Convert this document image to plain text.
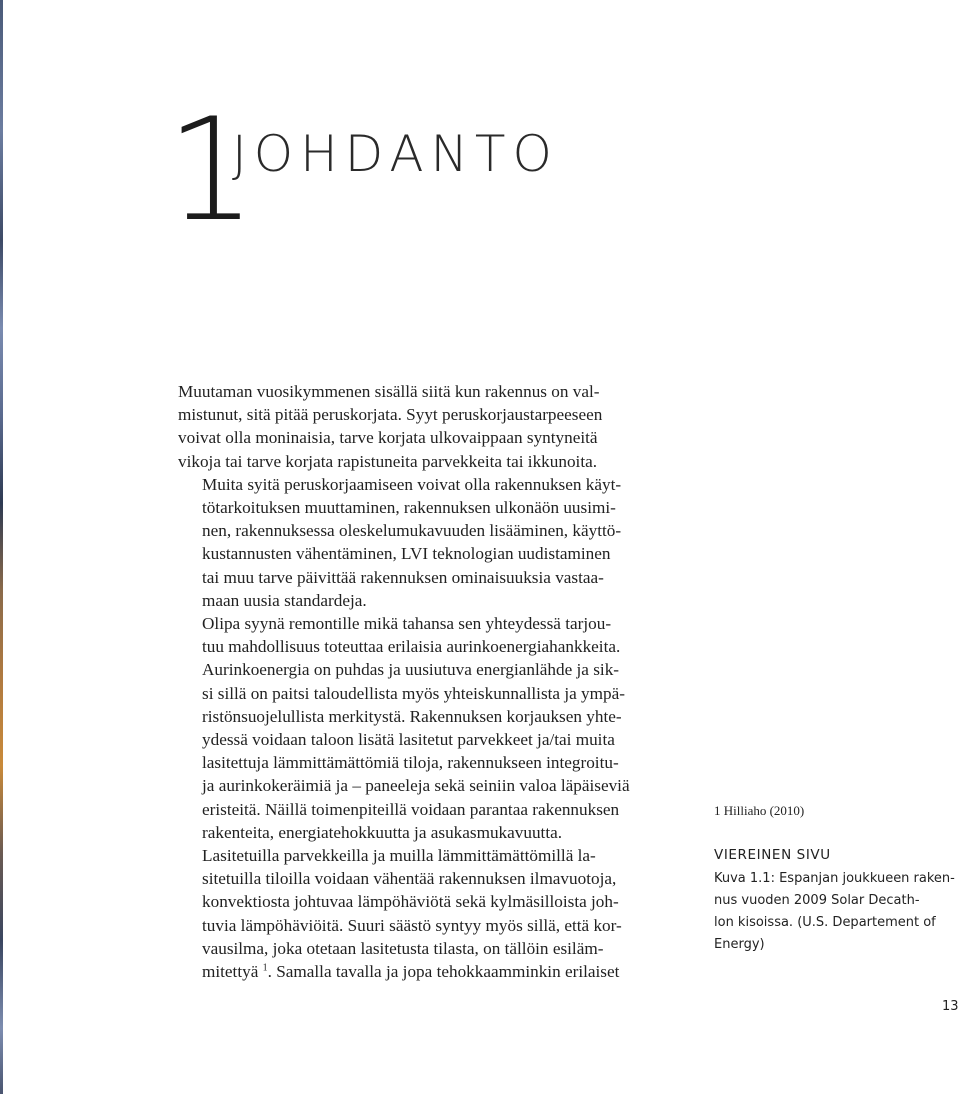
1
JOHDANTO

Muutaman vuosikymmenen sisällä siitä kun rakennus on val-
mistunut, sitä pitää peruskorjata. Syyt peruskorjaustarpeeseen
voivat olla moninaisia, tarve korjata ulkovaippaan syntyneitä
vikoja tai tarve korjata rapistuneita parvekkeita tai ikkunoita.

Muita syitä peruskorjaamiseen voivat olla rakennuksen käyt-
tötarkoituksen muuttaminen, rakennuksen ulkonäön uusimi-
nen, rakennuksessa oleskelumukavuuden lisääminen, käyttö-
kustannusten vähentäminen, LVI teknologian uudistaminen
tai muu tarve päivittää rakennuksen ominaisuuksia vastaa-
maan uusia standardeja.

Olipa syynä remontille mikä tahansa sen yhteydessä tarjou-
tuu mahdollisuus toteuttaa erilaisia aurinkoenergiahankkeita.
Aurinkoenergia on puhdas ja uusiutuva energianlähde ja sik-
si sillä on paitsi taloudellista myös yhteiskunnallista ja ympä-
ristönsuojelullista merkitystä. Rakennuksen korjauksen yhte-
ydessä voidaan taloon lisätä lasitetut parvekkeet ja/tai muita
lasitettuja lämmittämättömiä tiloja, rakennukseen integroitu-
ja aurinkokeräimiä ja – paneeleja sekä seiniin valoa läpäiseviä
eristeitä. Näillä toimenpiteillä voidaan parantaa rakennuksen
rakenteita, energiatehokkuutta ja asukasmukavuutta.

Lasitetuilla parvekkeilla ja muilla lämmittämättömillä la-
sitetuilla tiloilla voidaan vähentää rakennuksen ilmavuotoja,
konvektiosta johtuvaa lämpöhäviötä sekä kylmäsilloista joh-
tuvia lämpöhäviöitä. Suuri säästö syntyy myös sillä, että kor-
vausilma, joka otetaan lasitetusta tilasta, on tällöin esiläm-
mitettyä $^1$. Samalla tavalla ja jopa tehokkaamminkin erilaiset

1 Hilliaho (2010)
VIEREINEN SIVU
Kuva 1.1: Espanjan joukkueen raken-
nus vuoden 2009 Solar Decath-
lon kisoissa. (U.S. Departement of
Energy)
13
